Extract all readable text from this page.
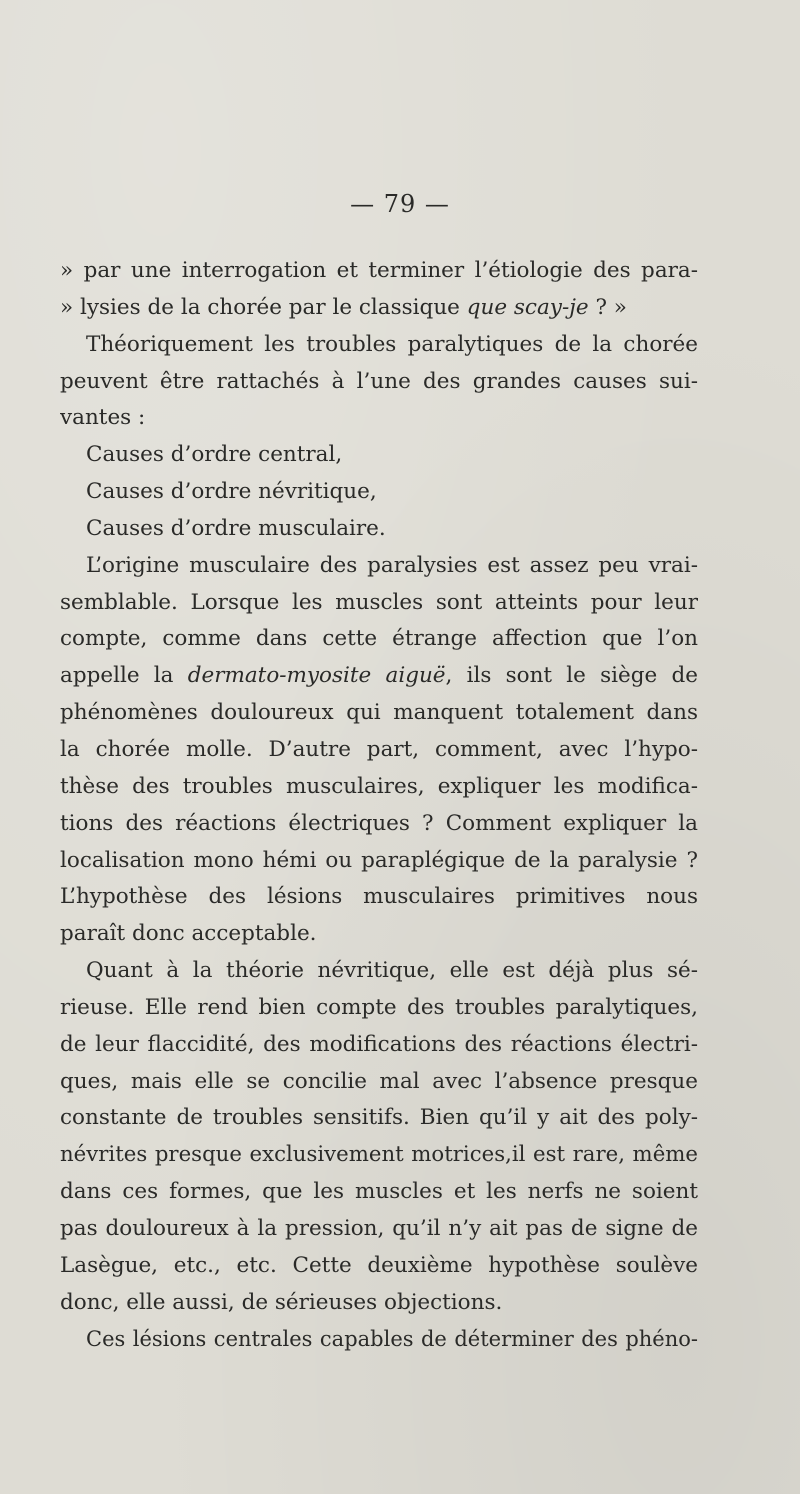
— 79 —
» par une interrogation et terminer l’étiologie des para-
» lysies de la chorée par le classique que scay-je ? »
Théoriquement les troubles paralytiques de la chorée
peuvent être rattachés à l’une des grandes causes sui-
vantes :
Causes d’ordre central,
Causes d’ordre névritique,
Causes d’ordre musculaire.
L’origine musculaire des paralysies est assez peu vrai-
semblable. Lorsque les muscles sont atteints pour leur
compte, comme dans cette étrange affection que l’on
appelle la dermato-myosite aiguë, ils sont le siège de
phénomènes douloureux qui manquent totalement dans
la chorée molle. D’autre part, comment, avec l’hypo-
thèse des troubles musculaires, expliquer les modifica-
tions des réactions électriques ? Comment expliquer la
localisation mono hémi ou paraplégique de la paralysie ?
L’hypothèse des lésions musculaires primitives nous
paraît donc acceptable.
Quant à la théorie névritique, elle est déjà plus sé-
rieuse. Elle rend bien compte des troubles paralytiques,
de leur flaccidité, des modifications des réactions électri-
ques, mais elle se concilie mal avec l’absence presque
constante de troubles sensitifs. Bien qu’il y ait des poly-
névrites presque exclusivement motrices,il est rare, même
dans ces formes, que les muscles et les nerfs ne soient
pas douloureux à la pression, qu’il n’y ait pas de signe de
Lasègue, etc., etc. Cette deuxième hypothèse soulève
donc, elle aussi, de sérieuses objections.
Ces lésions centrales capables de déterminer des phéno-
